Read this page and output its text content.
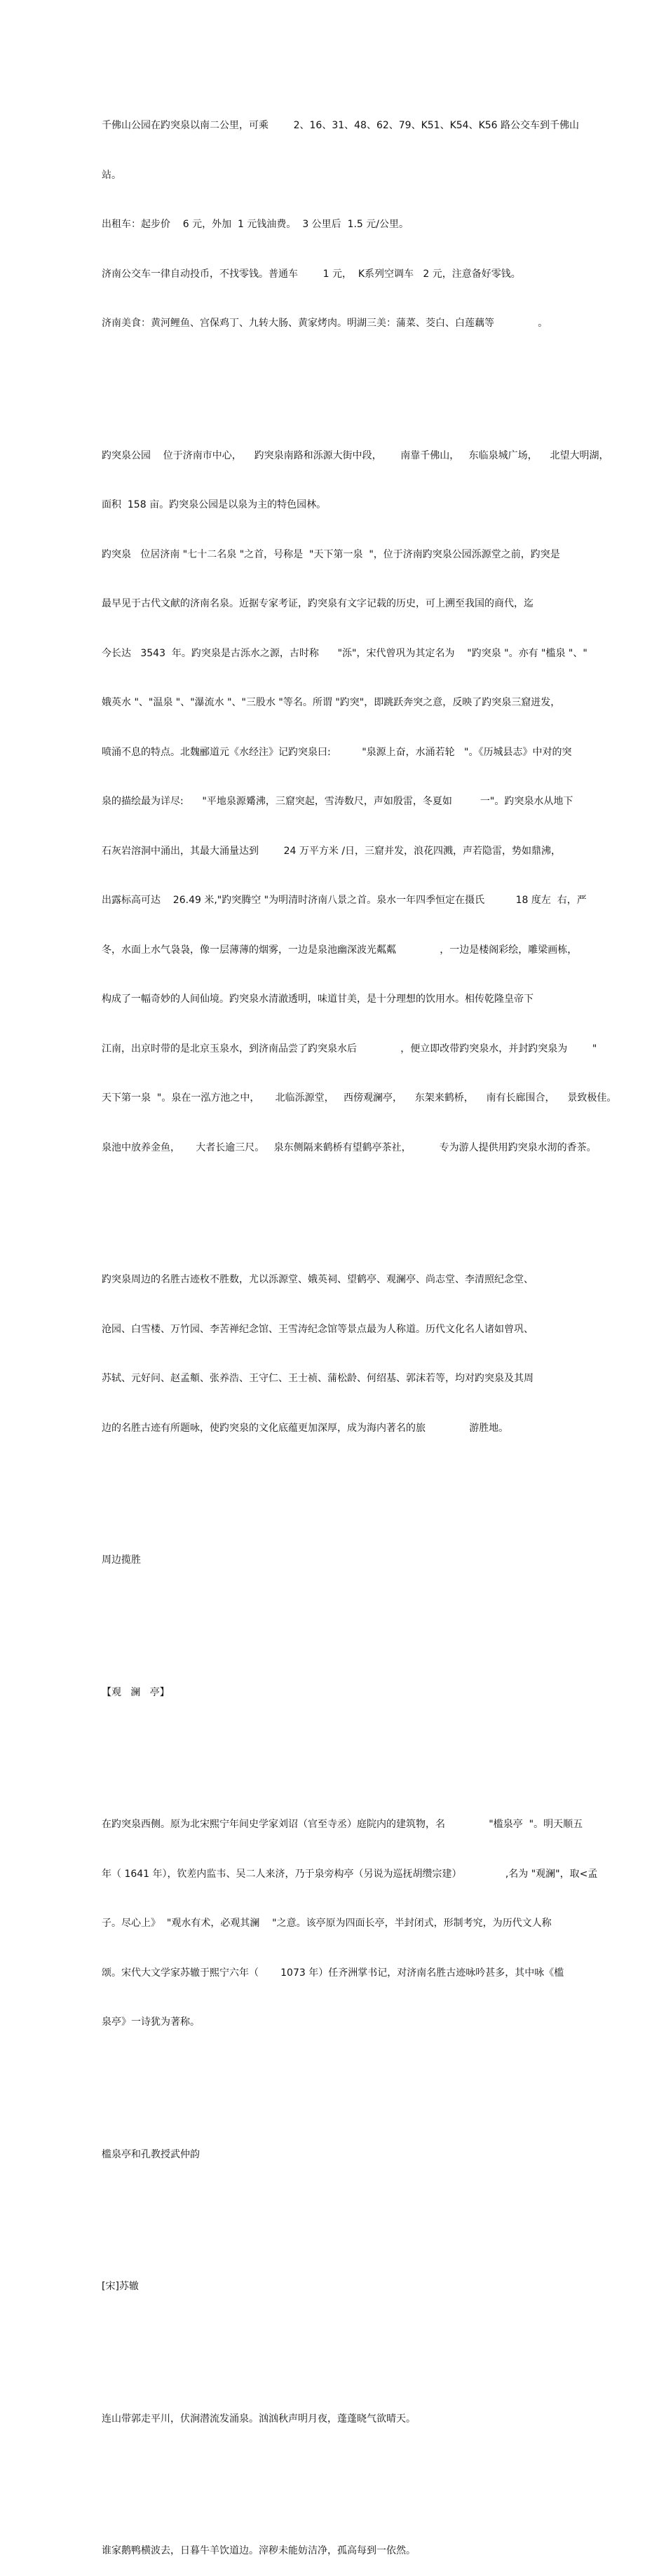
千佛山公园在趵突泉以南二公里，可乘        2、16、31、48、62、79、K51、K54、K56 路公交车到千佛山

站。

出租车：起步价    6 元，外加  1 元钱油费。  3 公里后  1.5 元/公里。

济南公交车一律自动投币，不找零钱。普通车        1 元，  K系列空调车   2 元，注意备好零钱。

济南美食：黄河鲤鱼、宫保鸡丁、九转大肠、黄家烤肉。明湖三美：蒲菜、茭白、白莲藕等              。

趵突泉公园    位于济南市中心，    趵突泉南路和泺源大街中段，      南靠千佛山，   东临泉城广场，    北望大明湖，

面积  158 亩。趵突泉公园是以泉为主的特色园林。

趵突泉   位居济南 "七十二名泉 "之首，号称是  "天下第一泉  "，位于济南趵突泉公园泺源堂之前，趵突是

最早见于古代文献的济南名泉。近据专家考证，趵突泉有文字记载的历史，可上溯至我国的商代，迄

今长达   3543  年。趵突泉是古泺水之源，古时称      "泺"，宋代曾巩为其定名为    "趵突泉 "。亦有 "槛泉 "、"

娥英水 "、"温泉 "、"瀑流水 "、"三股水 "等名。所谓 "趵突"，即跳跃奔突之意，反映了趵突泉三窟迸发，

喷涌不息的特点。北魏郦道元《水经注》记趵突泉曰:          "泉源上奋，水涌若轮   "。《历城县志》中对的突

泉的描绘最为详尽:      "平地泉源觱沸，三窟突起，雪涛数尺，声如殷雷，冬夏如         一"。趵突泉水从地下

石灰岩溶洞中涌出，其最大涌量达到        24 万平方米 /日，三窟并发，浪花四溅，声若隐雷，势如鼎沸，

出露标高可达    26.49 米,"趵突腾空 "为明清时济南八景之首。泉水一年四季恒定在摄氏          18 度左  右，严

冬，水面上水气袅袅，像一层薄薄的烟雾，一边是泉池幽深波光粼粼              ，一边是楼阁彩绘，雕梁画栋，

构成了一幅奇妙的人间仙境。趵突泉水清澈透明，味道甘美，是十分理想的饮用水。相传乾隆皇帝下

江南，出京时带的是北京玉泉水，到济南品尝了趵突泉水后              ，便立即改带趵突泉水，并封趵突泉为        "

天下第一泉  "。泉在一泓方池之中，     北临泺源堂，   西傍观澜亭，    东架来鹤桥，    南有长廊围合，    景致极佳。

泉池中放养金鱼，     大者长逾三尺。   泉东侧隔来鹤桥有望鹤亭茶社，         专为游人提供用趵突泉水沏的香茶。

趵突泉周边的名胜古迹枚不胜数，尤以泺源堂、娥英祠、望鹤亭、观澜亭、尚志堂、李清照纪念堂、

沧园、白雪楼、万竹园、李苦禅纪念馆、王雪涛纪念馆等景点最为人称道。历代文化名人诸如曾巩、

苏轼、元好问、赵孟頫、张养浩、王守仁、王士祯、蒲松龄、何绍基、郭沫若等，均对趵突泉及其周

边的名胜古迹有所题咏，使趵突泉的文化底蕴更加深厚，成为海内著名的旅              游胜地。

周边揽胜

【观   澜   亭】

在趵突泉西侧。原为北宋熙宁年间史学家刘诏（官至寺丞）庭院内的建筑物，名              "槛泉亭  "。明天顺五

年（ 1641 年），钦差内监韦、吴二人来济，乃于泉旁构亭（另说为巡抚胡缵宗建）              ,名为 "观澜"，取<孟

子。尽心上》  "观水有术，必观其澜    "之意。该亭原为四面长亭，半封闭式，形制考究，为历代文人称

颂。宋代大文学家苏辙于熙宁六年（       1073 年）任齐洲掌书记，对济南名胜古迹咏吟甚多，其中咏《槛

泉亭》一诗犹为著称。

槛泉亭和孔教授武仲韵

[宋]苏辙

连山带郭走平川，伏涧潜流发涌泉。汹汹秋声明月夜，蓬蓬晓气欲晴天。

谁家鹅鸭横波去，日暮牛羊饮道边。滓秽未能妨洁净，孤高每到一依然。
